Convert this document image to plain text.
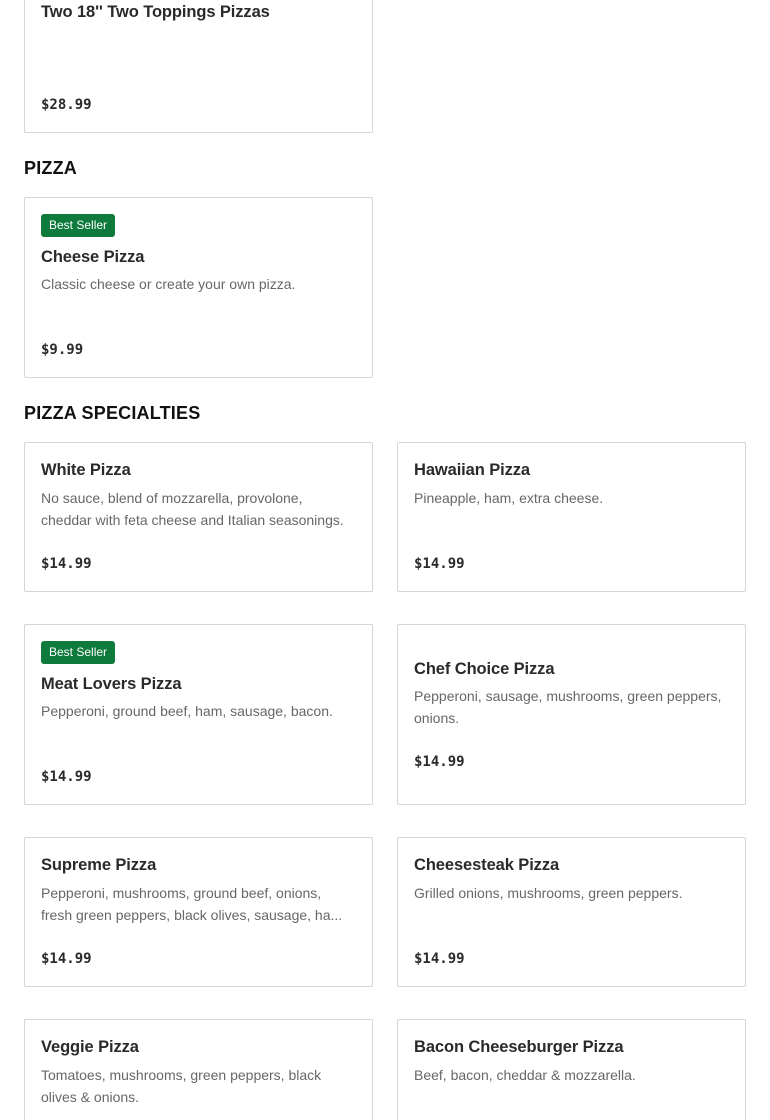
Two 18'' Two Toppings Pizzas
$28.99
PIZZA
Best Seller
Cheese Pizza
Classic cheese or create your own pizza.
$9.99
PIZZA SPECIALTIES
White Pizza
No sauce, blend of mozzarella, provolone, cheddar with feta cheese and Italian seasonings.
$14.99
Hawaiian Pizza
Pineapple, ham, extra cheese.
$14.99
Best Seller
Meat Lovers Pizza
Pepperoni, ground beef, ham, sausage, bacon.
$14.99
Chef Choice Pizza
Pepperoni, sausage, mushrooms, green peppers, onions.
$14.99
Supreme Pizza
Pepperoni, mushrooms, ground beef, onions, fresh green peppers, black olives, sausage, ha...
$14.99
Cheesesteak Pizza
Grilled onions, mushrooms, green peppers.
$14.99
Veggie Pizza
Tomatoes, mushrooms, green peppers, black olives & onions.
Bacon Cheeseburger Pizza
Beef, bacon, cheddar & mozzarella.
